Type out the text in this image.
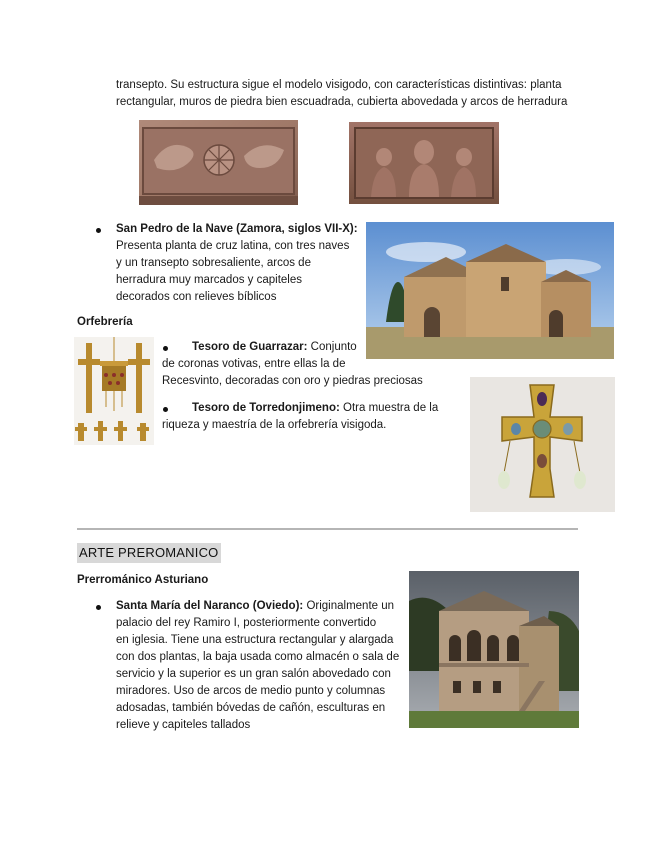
transepto. Su estructura sigue el modelo visigodo, con características distintivas: planta
rectangular, muros de piedra bien escuadrada, cubierta abovedada y arcos de herradura
San Pedro de la Nave (Zamora, siglos VII-X):
Presenta planta de cruz latina, con tres naves
y un transepto sobresaliente, arcos de
herradura muy marcados y capiteles
decorados con relieves bíblicos
Orfebrería
Tesoro de Guarrazar: Conjunto
de coronas votivas, entre ellas la de
Recesvinto, decoradas con oro y piedras preciosas
Tesoro de Torredonjimeno: Otra muestra de la
riqueza y maestría de la orfebrería visigoda.
ARTE PREROMANICO
Prerrománico Asturiano
Santa María del Naranco (Oviedo): Originalmente un
palacio del rey Ramiro I, posteriormente convertido
en iglesia. Tiene una estructura rectangular y alargada
con dos plantas, la baja usada como almacén o sala de
servicio y la superior es un gran salón abovedado con
miradores. Uso de arcos de medio punto y columnas
adosadas, también bóvedas de cañón, esculturas en
relieve y capiteles tallados
